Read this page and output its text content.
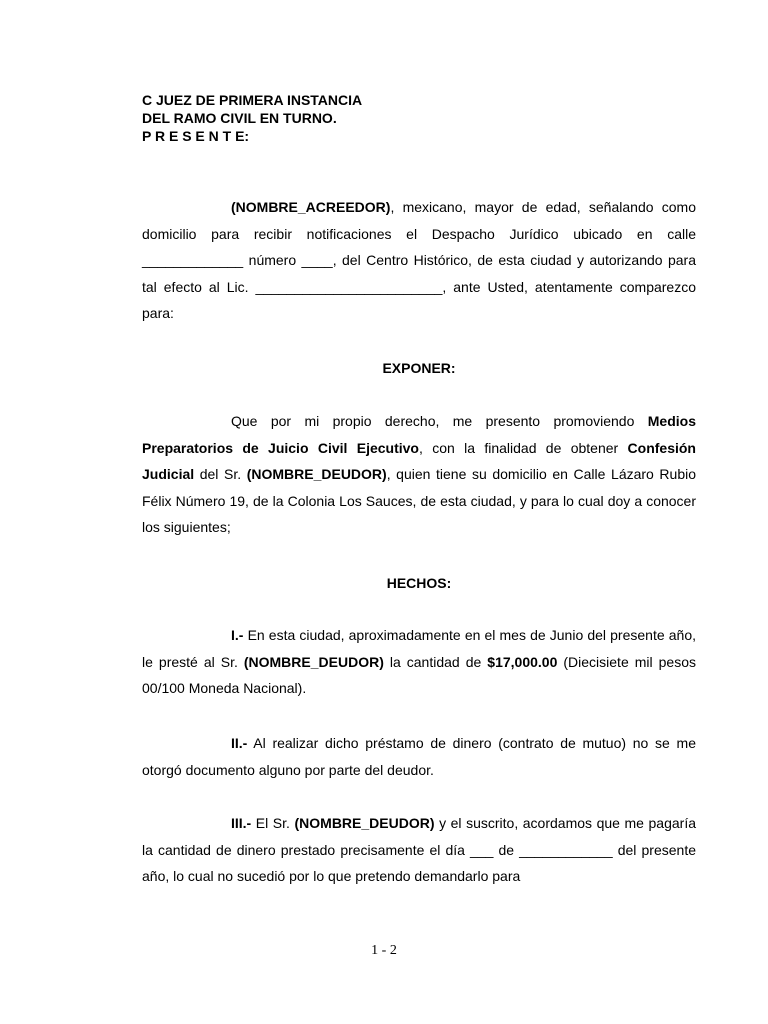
C JUEZ DE PRIMERA INSTANCIA
DEL RAMO CIVIL EN TURNO.
P R E S E N T E:

(NOMBRE_ACREEDOR), mexicano, mayor de edad, señalando como domicilio para recibir notificaciones el Despacho Jurídico ubicado en calle _____________ número ____, del Centro Histórico, de esta ciudad y autorizando para tal efecto al Lic. ________________________, ante Usted, atentamente comparezco para:

EXPONER:

Que por mi propio derecho, me presento promoviendo Medios Preparatorios de Juicio Civil Ejecutivo, con la finalidad de obtener Confesión Judicial del Sr. (NOMBRE_DEUDOR), quien tiene su domicilio en Calle Lázaro Rubio Félix Número 19, de la Colonia Los Sauces, de esta ciudad, y para lo cual doy a conocer los siguientes;

HECHOS:

I.- En esta ciudad, aproximadamente en el mes de Junio del presente año, le presté al Sr. (NOMBRE_DEUDOR) la cantidad de $17,000.00 (Diecisiete mil pesos 00/100 Moneda Nacional).

II.- Al realizar dicho préstamo de dinero (contrato de mutuo) no se me otorgó documento alguno por parte del deudor.

III.- El Sr. (NOMBRE_DEUDOR) y el suscrito, acordamos que me pagaría la cantidad de dinero prestado precisamente el día ___ de ____________ del presente año, lo cual no sucedió por lo que pretendo demandarlo para

1 - 2
